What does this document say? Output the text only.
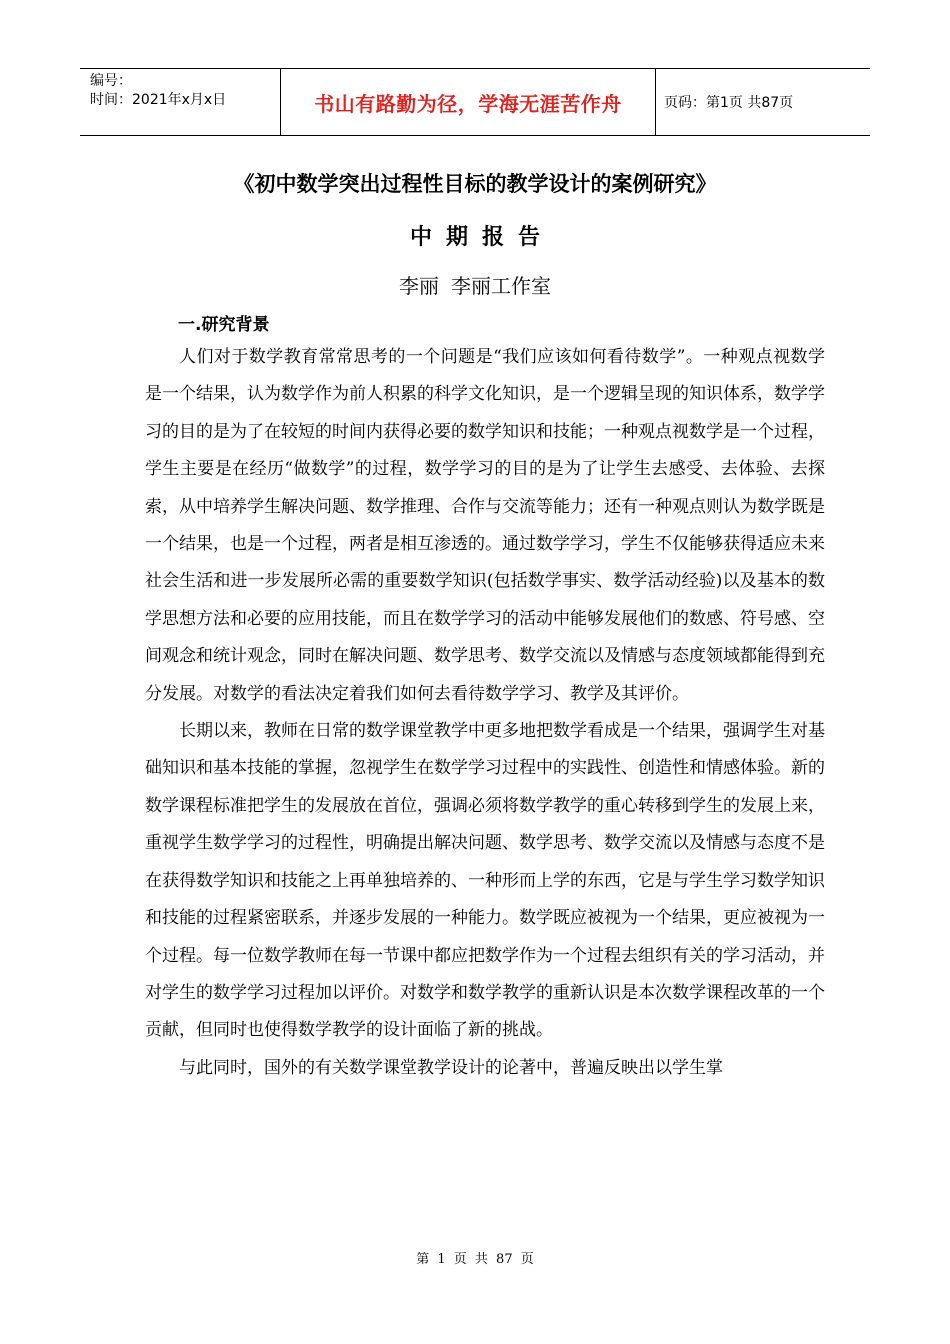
编号：
时间：2021年x月x日	书山有路勤为径，学海无涯苦作舟	页码：第1页 共87页
《初中数学突出过程性目标的教学设计的案例研究》
中期报告
李丽 李丽工作室
一.研究背景

人们对于数学教育常常思考的一个问题是“我们应该如何看待数学”。一种观点视数学是一个结果，认为数学作为前人积累的科学文化知识，是一个逻辑呈现的知识体系，数学学习的目的是为了在较短的时间内获得必要的数学知识和技能；一种观点视数学是一个过程，学生主要是在经历“做数学”的过程，数学学习的目的是为了让学生去感受、去体验、去探索，从中培养学生解决问题、数学推理、合作与交流等能力；还有一种观点则认为数学既是一个结果，也是一个过程，两者是相互渗透的。通过数学学习，学生不仅能够获得适应未来社会生活和进一步发展所必需的重要数学知识(包括数学事实、数学活动经验)以及基本的数学思想方法和必要的应用技能，而且在数学学习的活动中能够发展他们的数感、符号感、空间观念和统计观念，同时在解决问题、数学思考、数学交流以及情感与态度领域都能得到充分发展。对数学的看法决定着我们如何去看待数学学习、教学及其评价。

长期以来，教师在日常的数学课堂教学中更多地把数学看成是一个结果，强调学生对基础知识和基本技能的掌握，忽视学生在数学学习过程中的实践性、创造性和情感体验。新的数学课程标准把学生的发展放在首位，强调必须将数学教学的重心转移到学生的发展上来，重视学生数学学习的过程性，明确提出解决问题、数学思考、数学交流以及情感与态度不是在获得数学知识和技能之上再单独培养的、一种形而上学的东西，它是与学生学习数学知识和技能的过程紧密联系，并逐步发展的一种能力。数学既应被视为一个结果，更应被视为一个过程。每一位数学教师在每一节课中都应把数学作为一个过程去组织有关的学习活动，并对学生的数学学习过程加以评价。对数学和数学教学的重新认识是本次数学课程改革的一个贡献，但同时也使得数学教学的设计面临了新的挑战。

与此同时，国外的有关数学课堂教学设计的论著中，普遍反映出以学生掌

第 1 页 共 87 页
